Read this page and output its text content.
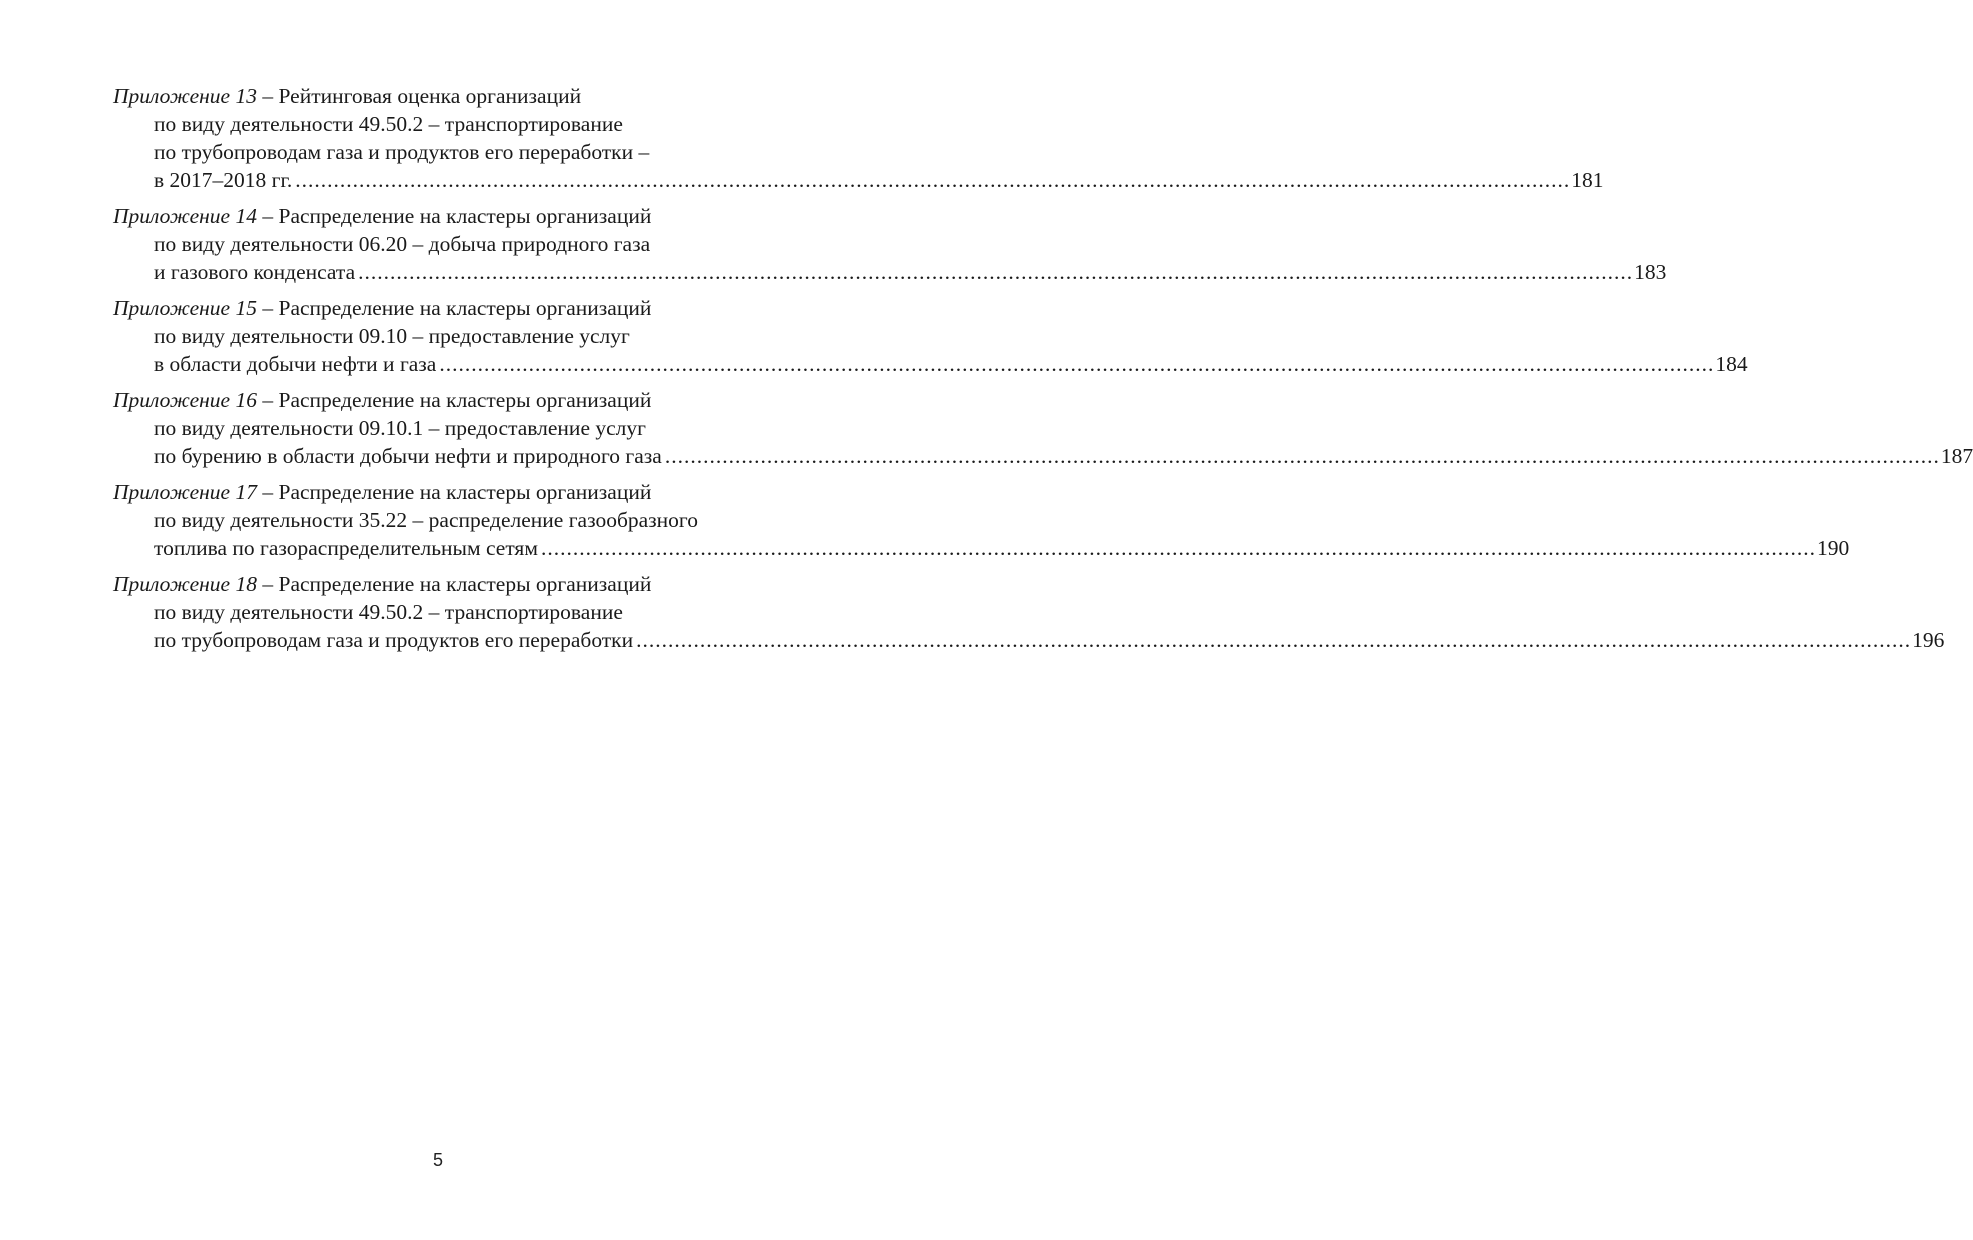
Приложение 13 – Рейтинговая оценка организаций
по виду деятельности 49.50.2 – транспортирование
по трубопроводам газа и продуктов его переработки –
в 2017–2018 гг. ........................................................................................................................................................................................................ 181
Приложение 14 – Распределение на кластеры организаций
по виду деятельности 06.20 – добыча природного газа
и газового конденсата ........................................................................................................................................................................................................ 183
Приложение 15 – Распределение на кластеры организаций
по виду деятельности 09.10 – предоставление услуг
в области добычи нефти и газа ........................................................................................................................................................................................................ 184
Приложение 16 – Распределение на кластеры организаций
по виду деятельности 09.10.1 – предоставление услуг
по бурению в области добычи нефти и природного газа ........................................................................................................................................................................................................ 187
Приложение 17 – Распределение на кластеры организаций
по виду деятельности 35.22 – распределение газообразного
топлива по газораспределительным сетям ........................................................................................................................................................................................................ 190
Приложение 18 – Распределение на кластеры организаций
по виду деятельности 49.50.2 – транспортирование
по трубопроводам газа и продуктов его переработки ........................................................................................................................................................................................................ 196
5
